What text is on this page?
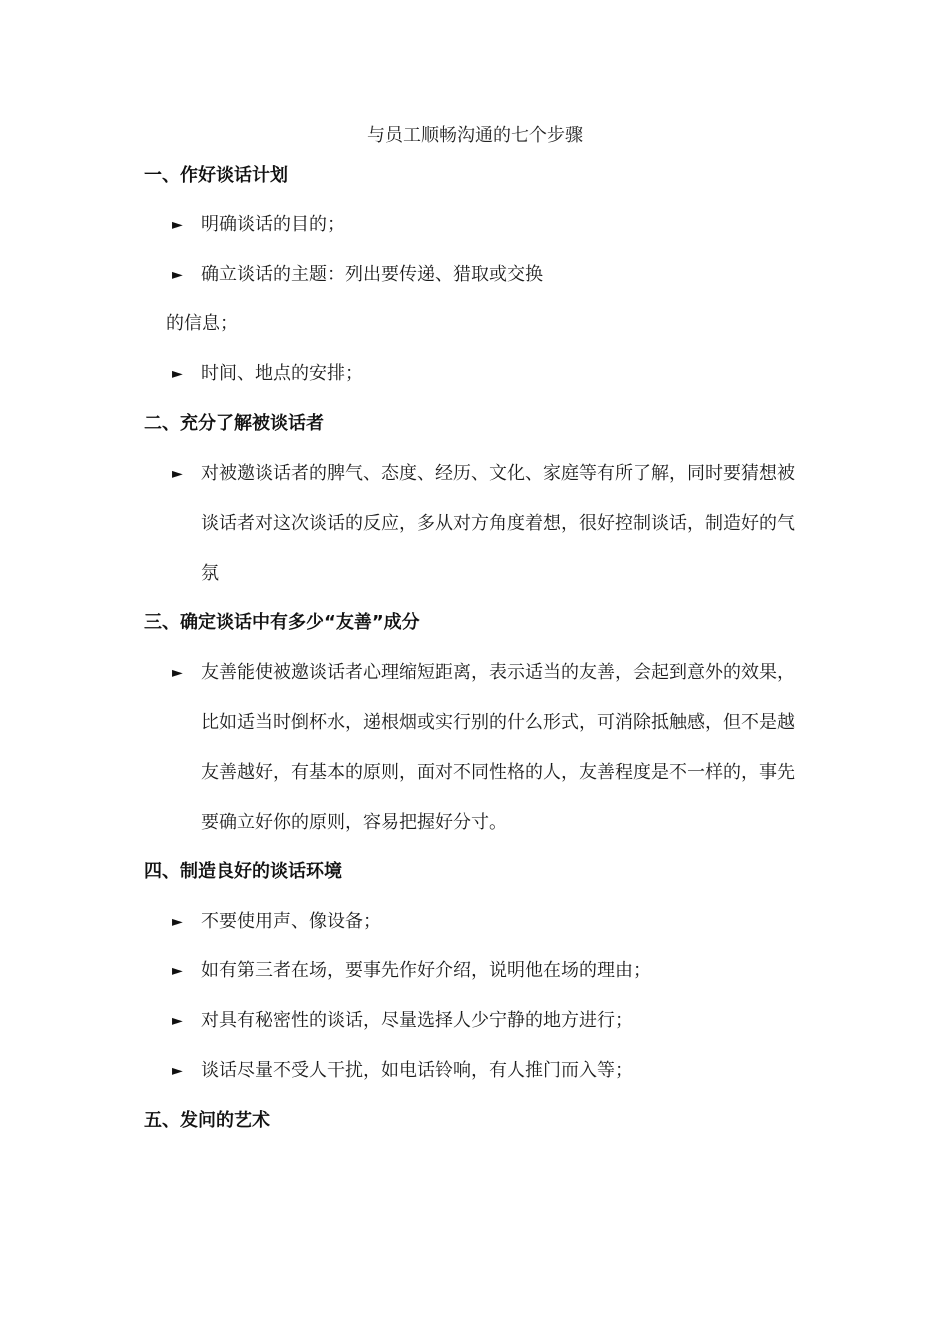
与员工顺畅沟通的七个步骤
一、作好谈话计划
► 明确谈话的目的；
► 确立谈话的主题：列出要传递、猎取或交换
的信息；
► 时间、地点的安排；
二、充分了解被谈话者
► 对被邀谈话者的脾气、态度、经历、文化、家庭等有所了解，同时要猜想被谈话者对这次谈话的反应，多从对方角度着想，很好控制谈话，制造好的气氛
三、确定谈话中有多少“友善”成分
► 友善能使被邀谈话者心理缩短距离，表示适当的友善，会起到意外的效果，比如适当时倒杯水，递根烟或实行别的什么形式，可消除抵触感，但不是越友善越好，有基本的原则，面对不同性格的人，友善程度是不一样的，事先要确立好你的原则，容易把握好分寸。
四、制造良好的谈话环境
► 不要使用声、像设备；
► 如有第三者在场，要事先作好介绍，说明他在场的理由；
► 对具有秘密性的谈话，尽量选择人少宁静的地方进行；
► 谈话尽量不受人干扰，如电话铃响，有人推门而入等；
五、发问的艺术
